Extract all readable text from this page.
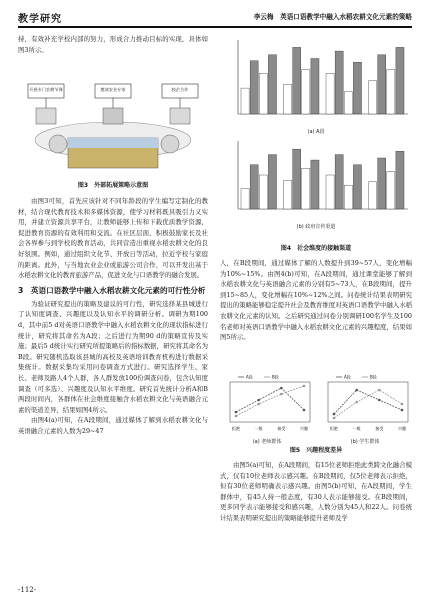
教学研究	李云梅　英语口语教学中融入水稻农耕文化元素的策略

持，有效补充学校内部的努力，形成合力推动目标的实现，具体如图3所示。

开展专门农耕节课	邀请农业专家	校企合作

图3　外部拓展策略示意图

由图3可知，首先应该针对不同年龄段的学生编写定制化的教材，结合现代教育技术和多媒体资源，使学习材料既具吸引力又实用，并建立资源共享平台，让教师能够上传和下载优质教学资源，促进教育资源的有效利用和交流。在社区层面，积极鼓励家长及社会各界参与到学校的教育活动，共同营造出重视水稻农耕文化的良好氛围。例如，通过组织文化节、开放日等活动，拉近学校与家庭的距离。此外，与当地农业企业或旅游公司合作，可以开发出基于水稻农耕文化的教育旅游产品，促进文化与口语教学的融合发展。

3　英语口语教学中融入水稻农耕文化元素的可行性分析

为验证研究提出的策略及建议的可行性，研究选择某县城进行了认知度调查、兴趣度以及认知水平的调研分析。调研为期100 d，其中前5 d对英语口语教学中融入水稻农耕文化的现状指标进行统计，研究将其命名为A段；之后进行为期90 d的策略宣传及实施；最后5 d统计实行研究所提策略后的指标数据，研究将其命名为B段。研究随机选取该县城的高校及英语培训教育机构进行数据采集统计。数据采集均采用问卷调查方式进行。研究选择学生、家长、老师及路人4个人群，各人群发放100份调查问卷，包含认知度调查（可多选）、兴趣度及认知水平维度。研究首先统计分析A和B两段时间内，各群体在社会维度接触含水稻农耕文化与英语融合元素的渠道差异，结果如图4所示。

由图4(a)可知，在A段期间，通过媒体了解到水稻农耕文化与英语融合元素的人数为29~47

(a) A段
(b) 政府宣传渠道

图4　社会维度的接触渠道

人，在B段期间，通过媒体了解的人数提升到39~57人，变化增幅为10%~15%。由图4(b)可知，在A段期间，通过课堂能够了解到水稻农耕文化与英语融合元素的分别有5~73人，在B段期间，提升到15~85人，变化增幅在10%~12%之间。问卷统计结果表明研究提出的策略能够稳定提升社会及教育维度对英语口语教学中融入水稻农耕文化元素的认知。之后研究通过问卷分别调研100名学生及100名老师对英语口语教学中融入水稻农耕文化元素的兴趣程度，结果如图5所示。

拒绝	一般	接受	兴趣
A段	B段
(a) 老师群体
拒绝	一般	接受	兴趣
A段	B段
(b) 学生群体

图5　兴趣程度差异

由图5(a)可知，在A段期间，有15位老师拒绝此类跨文化融合模式，仅有10位老师表示感兴趣。在B段期间，仅5位老师表示拒绝，但有30位老师明确表示感兴趣。由图5(b)可知，在A段期间，学生群体中，有45人持一般态度，有30人表示能够接受。在B段期间，更多同学表示能够接受和感兴趣，人数分别为45人和22人。问卷统计结果表明研究提出的策略能够提升老师及学

-112-
